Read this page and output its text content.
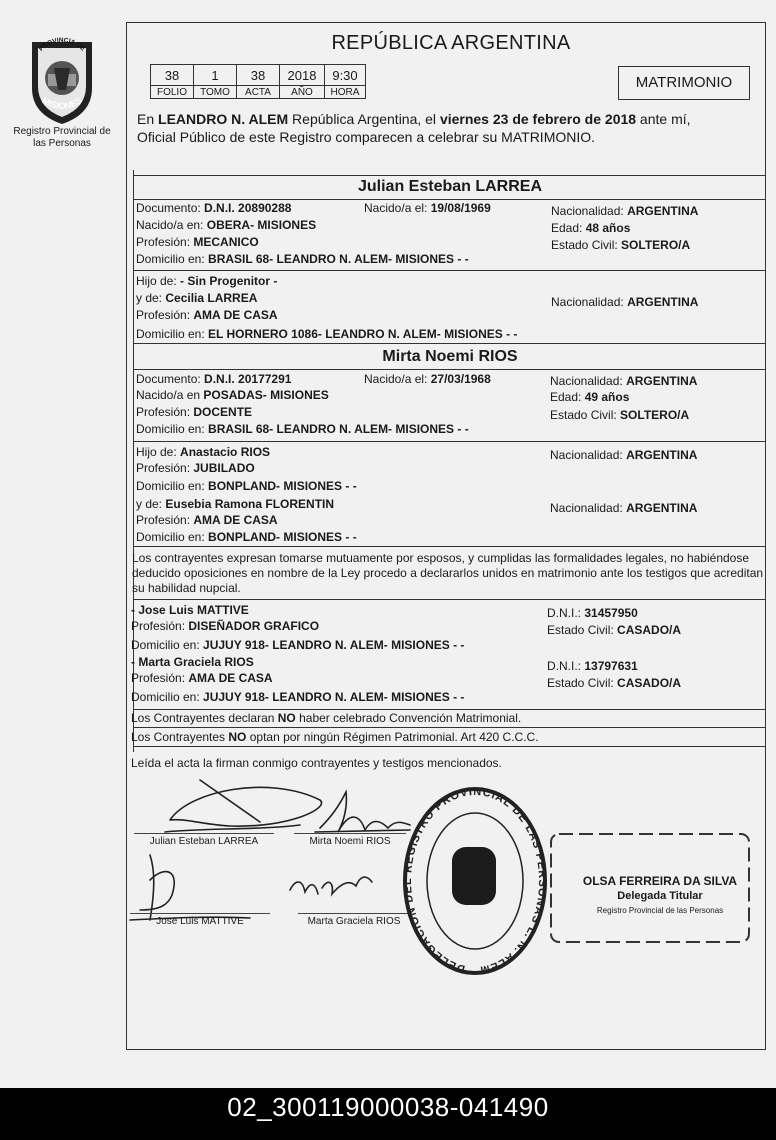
PROVINCIA DE
MISIONES
Registro Provincial de las Personas
REPÚBLICA ARGENTINA
38	1	38	2018	9:30
FOLIO	TOMO	ACTA	AÑO	HORA
MATRIMONIO
En LEANDRO N. ALEM República Argentina, el viernes 23 de febrero de 2018 ante mí,
Oficial Público de este Registro comparecen a celebrar su MATRIMONIO.
Julian Esteban LARREA
Documento: D.N.I. 20890288	Nacido/a el: 19/08/1969	Nacionalidad: ARGENTINA
Nacido/a en: OBERA- MISIONES	Edad: 48 años
Profesión: MECANICO	Estado Civil: SOLTERO/A
Domicilio en: BRASIL 68- LEANDRO N. ALEM- MISIONES - -
Hijo de: - Sin Progenitor -
y de: Cecilia LARREA	Nacionalidad: ARGENTINA
Profesión: AMA DE CASA
Domicilio en: EL HORNERO 1086- LEANDRO N. ALEM- MISIONES - -
Mirta Noemi RIOS
Documento: D.N.I. 20177291	Nacido/a el: 27/03/1968	Nacionalidad: ARGENTINA
Nacido/a en POSADAS- MISIONES	Edad: 49 años
Profesión: DOCENTE	Estado Civil: SOLTERO/A
Domicilio en: BRASIL 68- LEANDRO N. ALEM- MISIONES - -
Hijo de: Anastacio RIOS	Nacionalidad: ARGENTINA
Profesión: JUBILADO
Domicilio en: BONPLAND- MISIONES - -
y de: Eusebia Ramona FLORENTIN	Nacionalidad: ARGENTINA
Profesión: AMA DE CASA
Domicilio en: BONPLAND- MISIONES - -
Los contrayentes expresan tomarse mutuamente por esposos, y cumplidas las formalidades legales, no habiéndose deducido oposiciones en nombre de la Ley procedo a declararlos unidos en matrimonio ante los testigos que acreditan su habilidad nupcial.
- Jose Luis MATTIVE	D.N.I.: 31457950
Profesión: DISEÑADOR GRAFICO	Estado Civil: CASADO/A
Domicilio en: JUJUY 918- LEANDRO N. ALEM- MISIONES - -
- Marta Graciela RIOS	D.N.I.: 13797631
Profesión: AMA DE CASA	Estado Civil: CASADO/A
Domicilio en: JUJUY 918- LEANDRO N. ALEM- MISIONES - -
Los Contrayentes declaran NO haber celebrado Convención Matrimonial.
Los Contrayentes NO optan por ningún Régimen Patrimonial. Art 420 C.C.C.
Leída el acta la firman conmigo contrayentes y testigos mencionados.
Julian Esteban LARREA	Mirta Noemi RIOS
Jose Luis MATTIVE	Marta Graciela RIOS
DELEGACION DEL REGISTRO PROVINCIAL DE LAS PERSONAS L. N. ALEM
OLSA FERREIRA DA SILVA
Delegada Titular
Registro Provincial de las Personas
02_300119000038-041490
